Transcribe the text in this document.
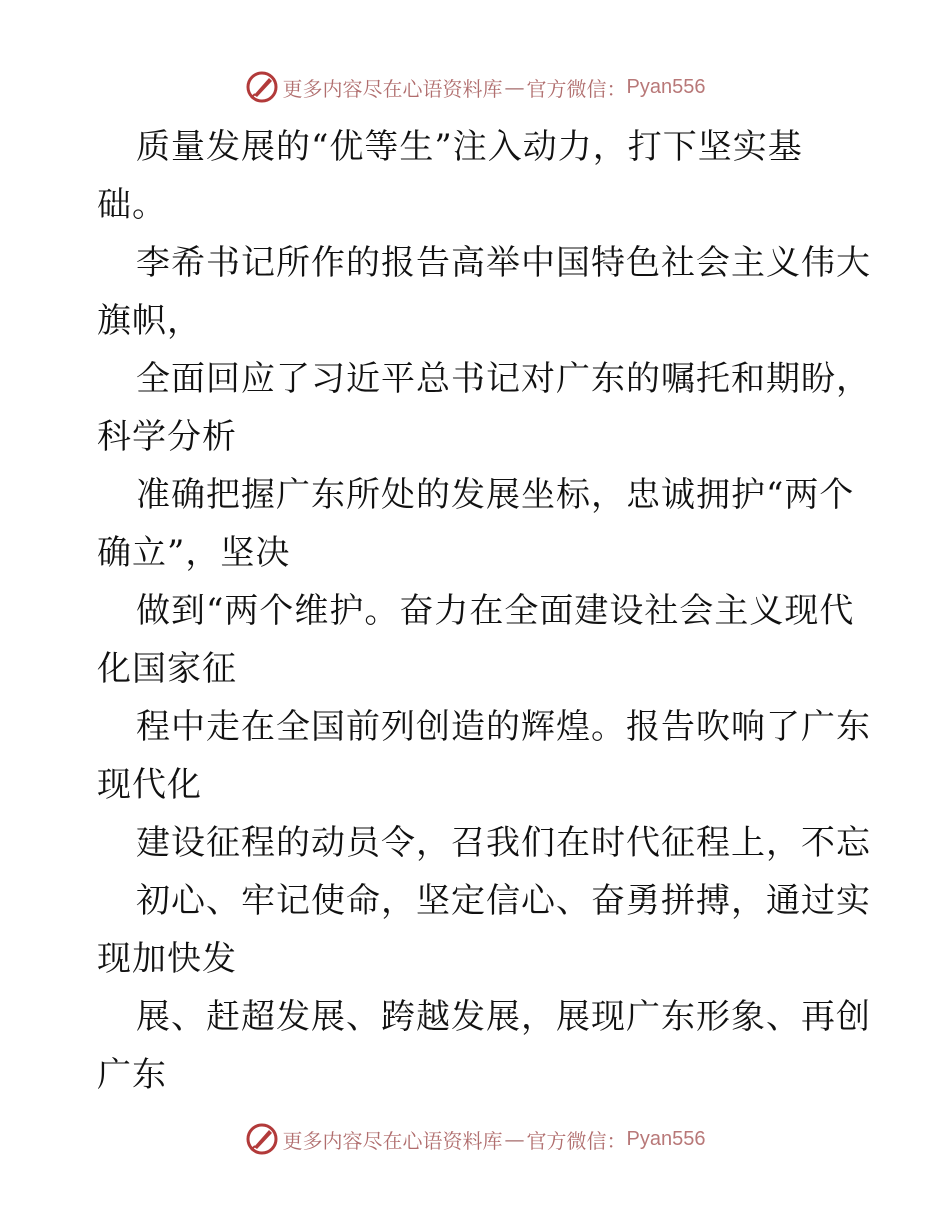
更多内容尽在心语资料库 — 官方微信： Pyan556
质量发展的“优等生”注入动力，打下坚实基
础。
李希书记所作的报告高举中国特色社会主义伟大
旗帜，
全面回应了习近平总书记对广东的嘱托和期盼，
科学分析
准确把握广东所处的发展坐标，忠诚拥护“两个
确立”，坚决
做到“两个维护。奋力在全面建设社会主义现代
化国家征
程中走在全国前列创造的辉煌。报告吹响了广东
现代化
建设征程的动员令，召我们在时代征程上，不忘
初心、牢记使命，坚定信心、奋勇拼搏，通过实
现加快发
展、赶超发展、跨越发展，展现广东形象、再创
广东
更多内容尽在心语资料库 — 官方微信： Pyan556
